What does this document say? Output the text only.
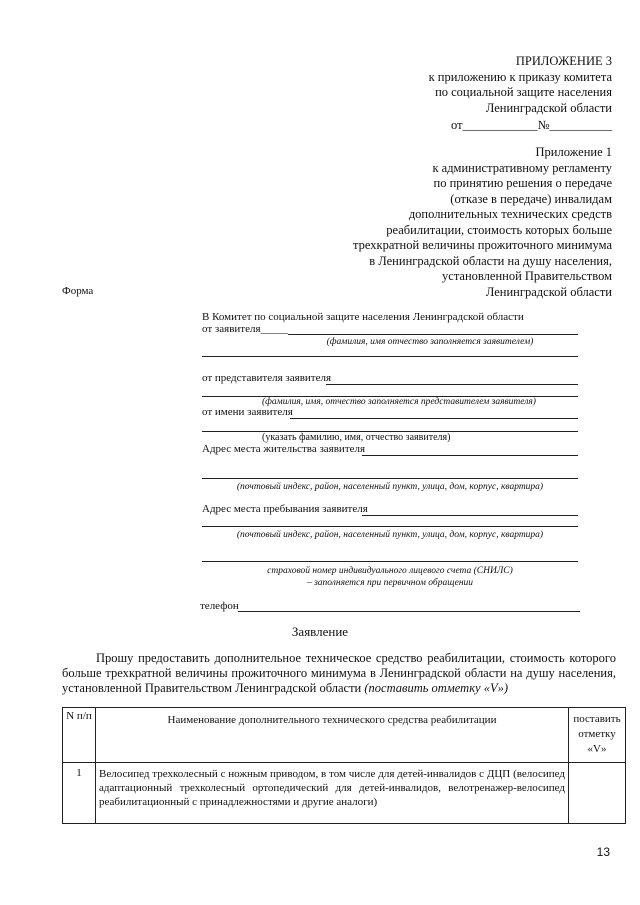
ПРИЛОЖЕНИЕ 3
к приложению к приказу комитета
по социальной защите населения
Ленинградской области
от____________№__________
Приложение 1
к административному регламенту
по принятию решения о передаче
(отказе в передаче) инвалидам
дополнительных технических средств
реабилитации, стоимость которых больше
трехкратной величины прожиточного минимума
в Ленинградской области на душу населения,
установленной Правительством
Ленинградской области
Форма
В Комитет по социальной защите населения Ленинградской области
от заявителя_____
(фамилия, имя отчество заполняется заявителем)
от представителя заявителя
(фамилия, имя, отчество заполняется представителем заявителя)
от имени заявителя
(указать фамилию, имя, отчество заявителя)
Адрес места жительства заявителя
(почтовый индекс, район, населенный пункт, улица, дом, корпус, квартира)
Адрес места пребывания заявителя
(почтовый индекс, район, населенный пункт, улица, дом, корпус, квартира)
страховой номер индивидуального лицевого счета (СНИЛС)
– заполняется при первичном обращении
телефон
Заявление
Прошу предоставить дополнительное техническое средство реабилитации, стоимость которого больше трехкратной величины прожиточного минимума в Ленинградской области на душу населения, установленной Правительством Ленинградской области (поставить отметку «V»)
N п/п	Наименование дополнительного технического средства реабилитации	поставить отметку «V»
1	Велосипед трехколесный с ножным приводом, в том числе для детей-инвалидов с ДЦП (велосипед адаптационный трехколесный ортопедический для детей-инвалидов, велотренажер-велосипед реабилитационный с принадлежностями и другие аналоги)	
13
